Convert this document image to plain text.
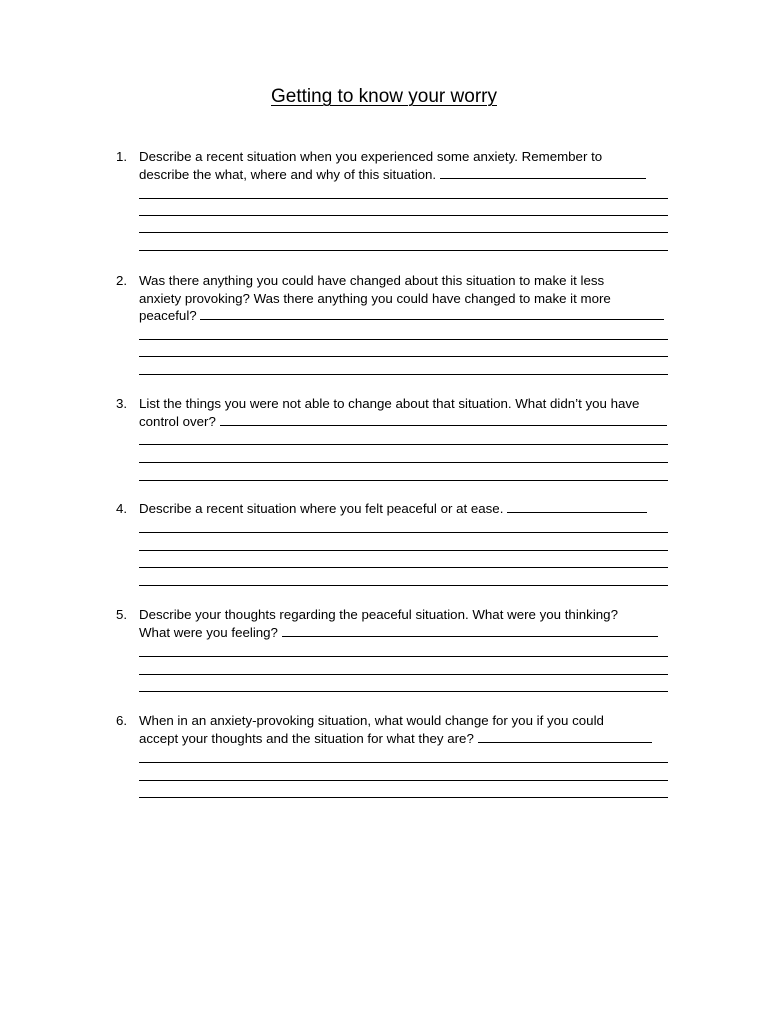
Getting to know your worry
1. Describe a recent situation when you experienced some anxiety. Remember to
describe the what, where and why of this situation.
2. Was there anything you could have changed about this situation to make it less
anxiety provoking? Was there anything you could have changed to make it more
peaceful?
3. List the things you were not able to change about that situation. What didn’t you have
control over?
4. Describe a recent situation where you felt peaceful or at ease.
5. Describe your thoughts regarding the peaceful situation. What were you thinking?
What were you feeling?
6. When in an anxiety-provoking situation, what would change for you if you could
accept your thoughts and the situation for what they are?
